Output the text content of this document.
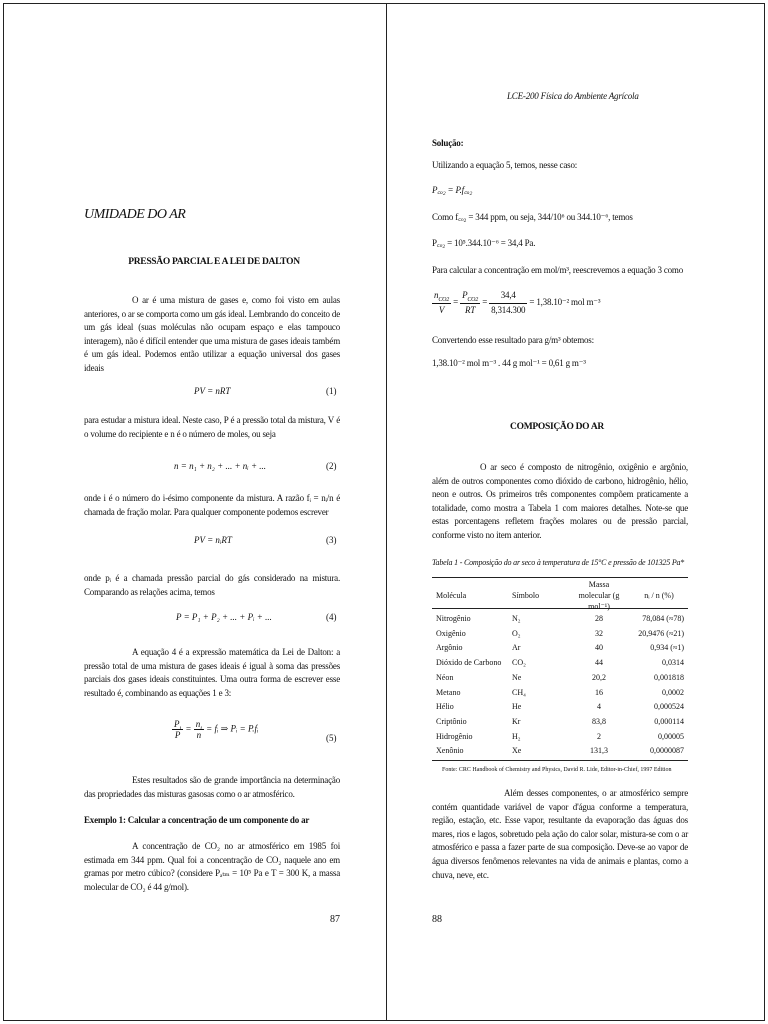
UMIDADE DO AR
PRESSÃO PARCIAL E A LEI DE DALTON
O ar é uma mistura de gases e, como foi visto em aulas anteriores, o ar se comporta como um gás ideal. Lembrando do conceito de um gás ideal (suas moléculas não ocupam espaço e elas tampouco interagem), não é difícil entender que uma mistura de gases ideais também é um gás ideal. Podemos então utilizar a equação universal dos gases ideais
PV = nRT	(1)
para estudar a mistura ideal. Neste caso, P é a pressão total da mistura, V é o volume do recipiente e n é o número de moles, ou seja
n = n₁ + n₂ + ... + nᵢ + ...	(2)
onde i é o número do i-ésimo componente da mistura. A razão fᵢ = nᵢ/n é chamada de fração molar. Para qualquer componente podemos escrever
PV = nᵢRT	(3)
onde pᵢ é a chamada pressão parcial do gás considerado na mistura. Comparando as relações acima, temos
P = P₁ + P₂ + ... + Pᵢ + ...	(4)
A equação 4 é a expressão matemática da Lei de Dalton: a pressão total de uma mistura de gases ideais é igual à soma das pressões parciais dos gases ideais constituintes. Uma outra forma de escrever esse resultado é, combinando as equações 1 e 3:
$\frac{P_i}{P} = \frac{n_i}{n}$ = fᵢ ⇒ Pᵢ = P.fᵢ
(5)
Estes resultados são de grande importância na determinação das propriedades das misturas gasosas como o ar atmosférico.
Exemplo 1: Calcular a concentração de um componente do ar
A concentração de CO₂ no ar atmosférico em 1985 foi estimada em 344 ppm. Qual foi a concentração de CO₂ naquele ano em gramas por metro cúbico? (considere Pₐₜₘ = 10⁵ Pa e T = 300 K, a massa molecular de CO₂ é 44 g/mol).
87
LCE-200 Física do Ambiente Agrícola
Solução:
Utilizando a equação 5, temos, nesse caso:
P꜀ₒ₂ = P.f꜀ₒ₂
Como f꜀ₒ₂ = 344 ppm, ou seja, 344/10⁶ ou 344.10⁻⁶, temos
P꜀ₒ₂ = 10⁵.344.10⁻⁶ = 34,4 Pa.
Para calcular a concentração em mol/m³, reescrevemos a equação 3 como
$\frac{n_{CO2}}{V} = \frac{P_{CO2}}{RT} = \frac{34,4}{8,314.300} = 1,38.10^{-2}$ mol m⁻³
Convertendo esse resultado para g/m³ obtemos:
1,38.10⁻² mol m⁻³ . 44 g mol⁻¹ = 0,61 g m⁻³
COMPOSIÇÃO DO AR
O ar seco é composto de nitrogênio, oxigênio e argônio, além de outros componentes como dióxido de carbono, hidrogênio, hélio, neon e outros. Os primeiros três componentes compõem praticamente a totalidade, como mostra a Tabela 1 com maiores detalhes. Note-se que estas porcentagens refletem frações molares ou de pressão parcial, conforme visto no item anterior.
Tabela 1 - Composição do ar seco à temperatura de 15°C e pressão de 101325 Pa*
Molécula	Símbolo	Massa molecular (g mol⁻¹)	nᵢ / n (%)
Nitrogênio	N₂	28	78,084 (≈78)
Oxigênio	O₂	32	20,9476 (≈21)
Argônio	Ar	40	0,934 (≈1)
Dióxido de Carbono	CO₂	44	0,0314
Néon	Ne	20,2	0,001818
Metano	CH₄	16	0,0002
Hélio	He	4	0,000524
Criptônio	Kr	83,8	0,000114
Hidrogênio	H₂	2	0,00005
Xenônio	Xe	131,3	0,0000087
Fonte: CRC Handbook of Chemistry and Physics, David R. Lide, Editor-in-Chief, 1997 Edition
Além desses componentes, o ar atmosférico sempre contém quantidade variável de vapor d'água conforme a temperatura, região, estação, etc. Esse vapor, resultante da evaporação das águas dos mares, rios e lagos, sobretudo pela ação do calor solar, mistura-se com o ar atmosférico e passa a fazer parte de sua composição. Deve-se ao vapor de água diversos fenômenos relevantes na vida de animais e plantas, como a chuva, neve, etc.
88
